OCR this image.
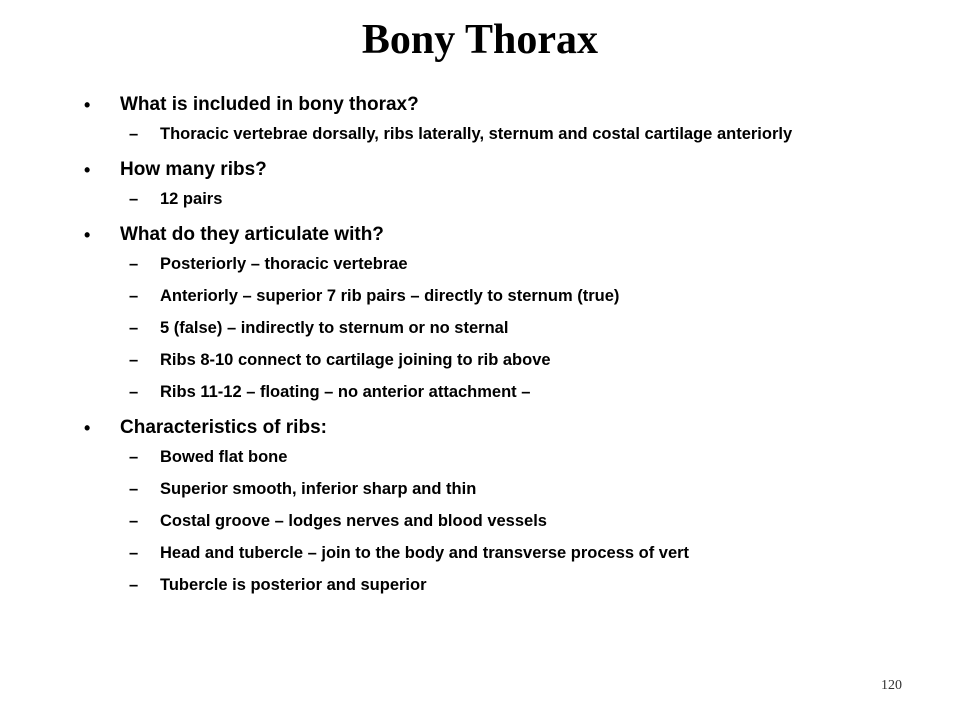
Bony Thorax
• What is included in bony thorax?
– Thoracic vertebrae dorsally, ribs laterally, sternum and costal cartilage anteriorly
• How many ribs?
– 12 pairs
• What do they articulate with?
– Posteriorly – thoracic vertebrae
– Anteriorly – superior 7 rib pairs – directly to sternum (true)
– 5 (false) – indirectly to sternum or no sternal
– Ribs 8-10 connect to cartilage joining to rib above
– Ribs 11-12 – floating – no anterior attachment –
• Characteristics of ribs:
– Bowed flat bone
– Superior smooth, inferior sharp and thin
– Costal groove – lodges nerves and blood vessels
– Head and tubercle – join to the body and transverse process of vert
– Tubercle is posterior and superior
120
